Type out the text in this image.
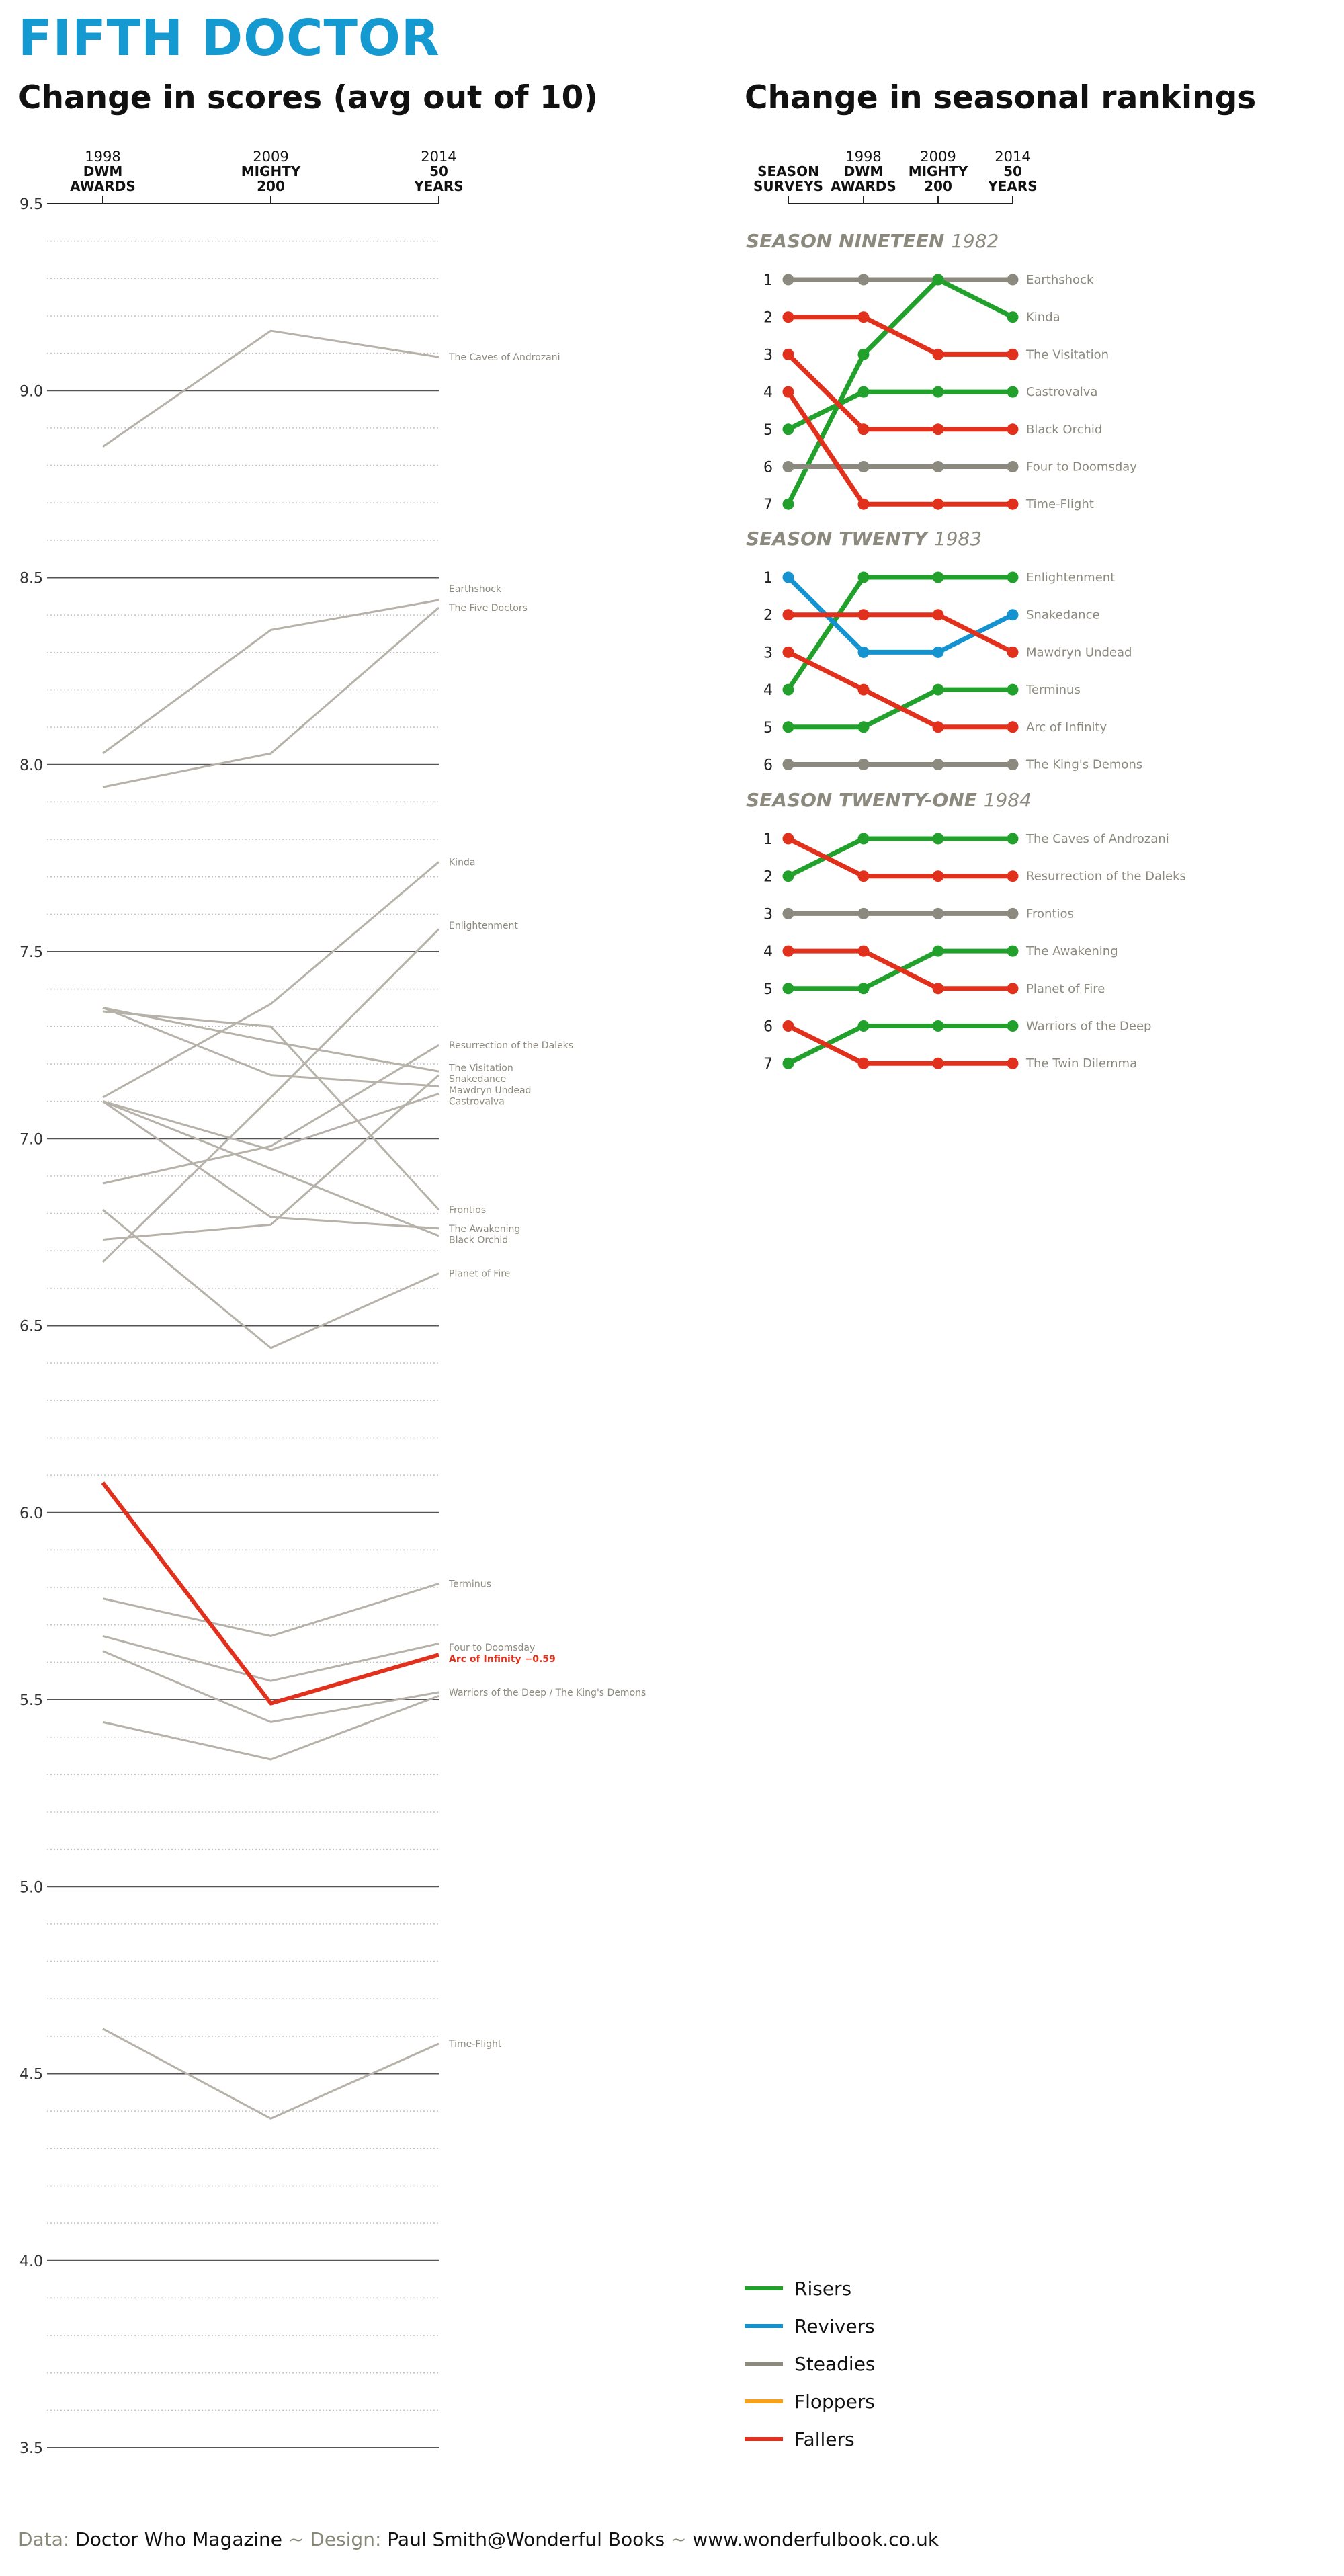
FIFTH DOCTOR
Change in scores (avg out of 10)	Change in seasonal rankings
1998
DWM
AWARDS
2009
MIGHTY
200
2014
50
YEARS
3.5
4.0
4.5
5.0
5.5
6.0
6.5
7.0
7.5
8.0
8.5
9.0
9.5
The Caves of Androzani
Earthshock
The Five Doctors
Kinda
Enlightenment
Resurrection of the Daleks
The Visitation
Snakedance
Mawdryn Undead
Castrovalva
Frontios
The Awakening
Black Orchid
Planet of Fire
Terminus
Four to Doomsday
Arc of Infinity −0.59
Warriors of the Deep / The King's Demons
Time-Flight
SEASON
SURVEYS
1998
DWM
AWARDS
2009
MIGHTY
200
2014
50
YEARS
SEASON NINETEEN 1982
1
2
3
4
5
6
7
Earthshock
Kinda
The Visitation
Castrovalva
Black Orchid
Four to Doomsday
Time-Flight
SEASON TWENTY 1983
1
2
3
4
5
6
Enlightenment
Snakedance
Mawdryn Undead
Terminus
Arc of Infinity
The King's Demons
SEASON TWENTY-ONE 1984
1
2
3
4
5
6
7
The Caves of Androzani
Resurrection of the Daleks
Frontios
The Awakening
Planet of Fire
Warriors of the Deep
The Twin Dilemma
Risers
Revivers
Steadies
Floppers
Fallers
Data: Doctor Who Magazine ~ Design: Paul Smith@Wonderful Books ~ www.wonderfulbook.co.uk
